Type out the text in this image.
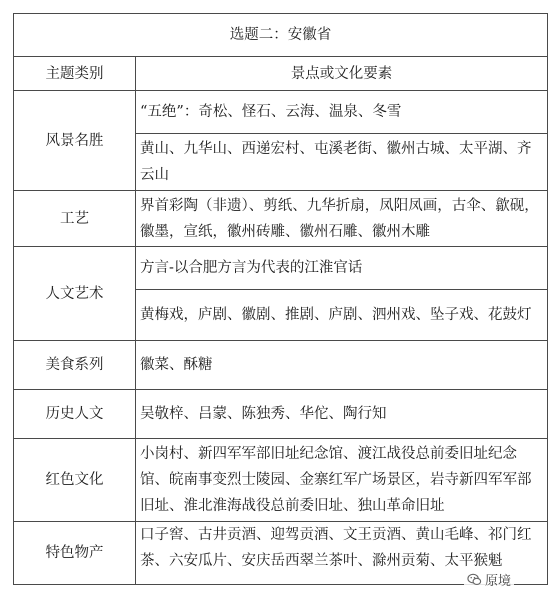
选题二：安徽省	
主题类别	景点或文化要素
风景名胜	“五绝”：奇松、怪石、云海、温泉、冬雪
	黄山、九华山、西递宏村、屯溪老街、徽州古城、太平湖、齐云山
工艺	界首彩陶（非遗）、剪纸、九华折扇，凤阳凤画，古伞、歙砚，徽墨，宣纸，徽州砖雕、徽州石雕、徽州木雕
人文艺术	方言-以合肥方言为代表的江淮官话
	黄梅戏，庐剧、徽剧、推剧、庐剧、泗州戏、坠子戏、花鼓灯
美食系列	徽菜、酥糖
历史人文	吴敬梓、吕蒙、陈独秀、华佗、陶行知
红色文化	小岗村、新四军军部旧址纪念馆、渡江战役总前委旧址纪念馆、皖南事变烈士陵园、金寨红军广场景区，岩寺新四军军部旧址、淮北淮海战役总前委旧址、独山革命旧址
特色物产	口子窖、古井贡酒、迎驾贡酒、文王贡酒、黄山毛峰、祁门红茶、六安瓜片、安庆岳西翠兰茶叶、滁州贡菊、太平猴魁
原境
